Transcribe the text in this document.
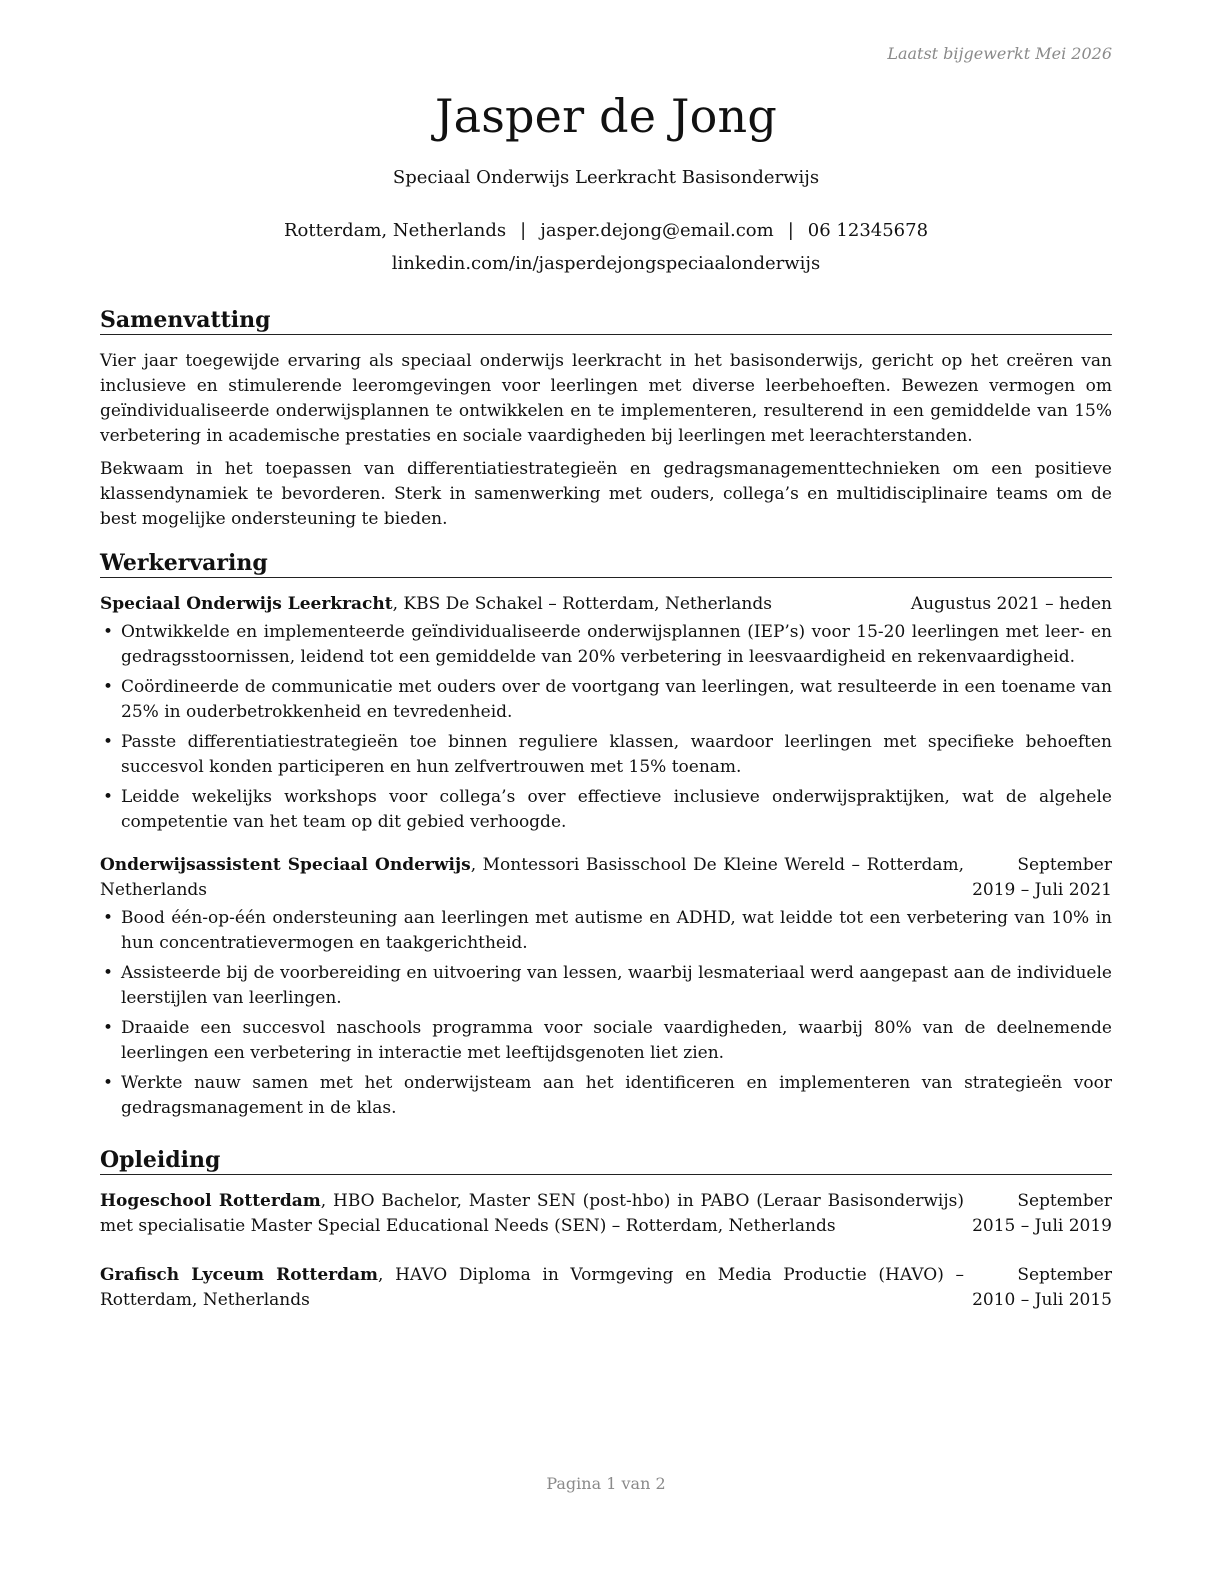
Laatst bijgewerkt Mei 2026
Jasper de Jong
Speciaal Onderwijs Leerkracht Basisonderwijs
Rotterdam, Netherlands | jasper.dejong@email.com | 06 12345678
linkedin.com/in/jasperdejongspeciaalonderwijs
Samenvatting

Vier jaar toegewijde ervaring als speciaal onderwijs leerkracht in het basisonderwijs, gericht op het creëren van inclusieve en stimulerende leeromgevingen voor leerlingen met diverse leerbehoeften. Bewezen vermogen om geïndividualiseerde onderwijsplannen te ontwikkelen en te implementeren, resulterend in een gemiddelde van 15% verbetering in academische prestaties en sociale vaardigheden bij leerlingen met leerachterstanden.

Bekwaam in het toepassen van differentiatiestrategieën en gedragsmanagementtechnieken om een positieve klassendynamiek te bevorderen. Sterk in samenwerking met ouders, collega’s en multidisciplinaire teams om de best mogelijke ondersteuning te bieden.

Werkervaring
Speciaal Onderwijs Leerkracht, KBS De Schakel – Rotterdam, Netherlands	Augustus 2021 – heden
• Ontwikkelde en implementeerde geïndividualiseerde onderwijsplannen (IEP’s) voor 15-20 leerlingen met leer- en gedragsstoornissen, leidend tot een gemiddelde van 20% verbetering in leesvaardigheid en rekenvaardigheid.
• Coördineerde de communicatie met ouders over de voortgang van leerlingen, wat resulteerde in een toename van 25% in ouderbetrokkenheid en tevredenheid.
• Passte differentiatiestrategieën toe binnen reguliere klassen, waardoor leerlingen met specifieke behoeften succesvol konden participeren en hun zelfvertrouwen met 15% toenam.
• Leidde wekelijks workshops voor collega’s over effectieve inclusieve onderwijspraktijken, wat de algehele competentie van het team op dit gebied verhoogde.
Onderwijsassistent Speciaal Onderwijs, Montessori Basisschool De Kleine Wereld – Rotterdam, Netherlands
September 2019 – Juli 2021
• Bood één-op-één ondersteuning aan leerlingen met autisme en ADHD, wat leidde tot een verbetering van 10% in hun concentratievermogen en taakgerichtheid.
• Assisteerde bij de voorbereiding en uitvoering van lessen, waarbij lesmateriaal werd aangepast aan de individuele leerstijlen van leerlingen.
• Draaide een succesvol naschools programma voor sociale vaardigheden, waarbij 80% van de deelnemende leerlingen een verbetering in interactie met leeftijdsgenoten liet zien.
• Werkte nauw samen met het onderwijsteam aan het identificeren en implementeren van strategieën voor gedragsmanagement in de klas.
Opleiding
Hogeschool Rotterdam, HBO Bachelor, Master SEN (post-hbo) in PABO (Leraar Basisonderwijs) met specialisatie Master Special Educational Needs (SEN) – Rotterdam, Netherlands
September 2015 – Juli 2019
Grafisch Lyceum Rotterdam, HAVO Diploma in Vormgeving en Media Productie (HAVO) – Rotterdam, Netherlands
September 2010 – Juli 2015
Pagina 1 van 2
